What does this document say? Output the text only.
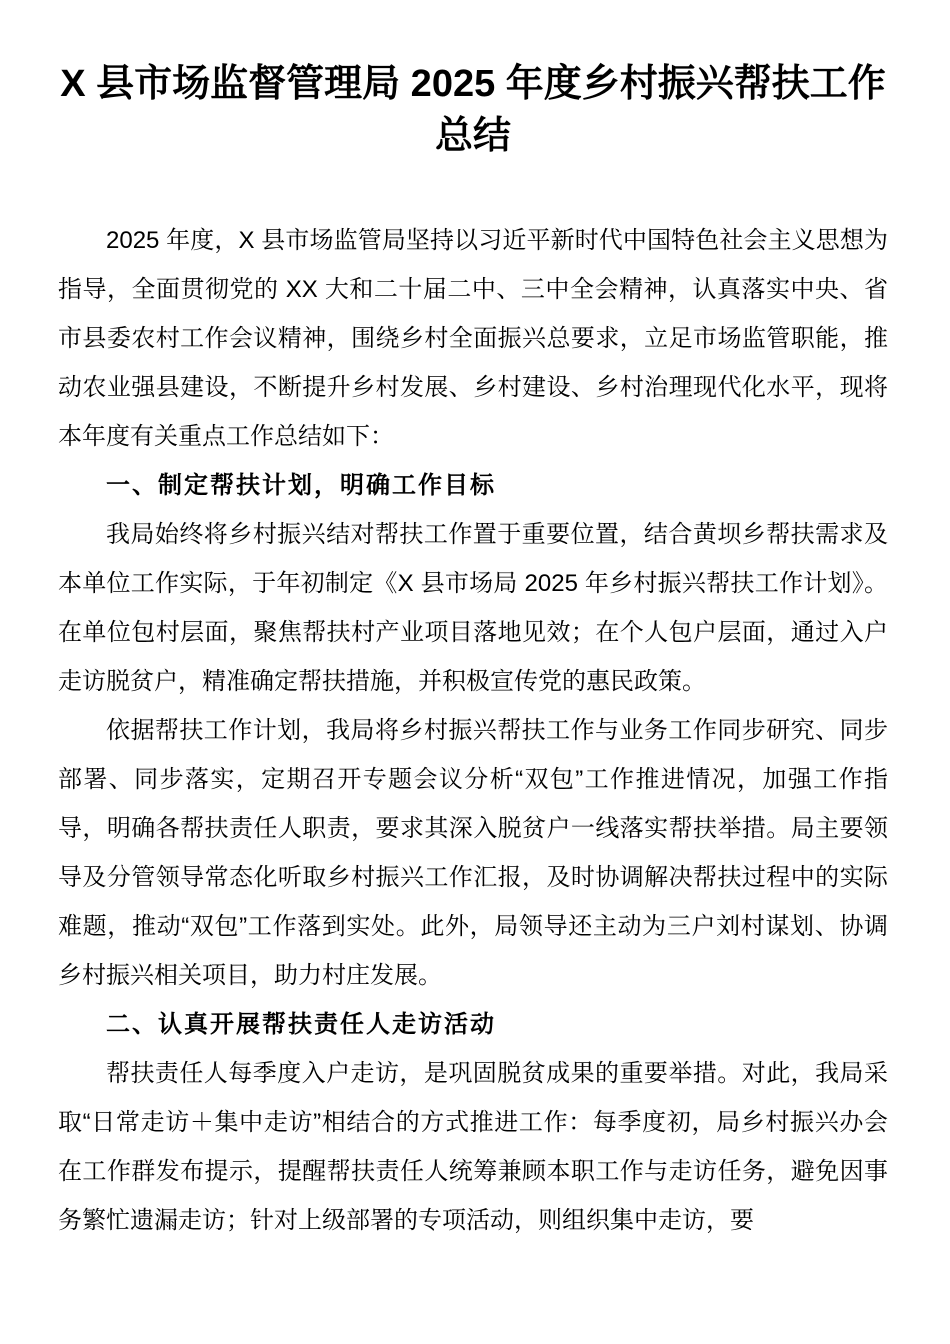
X 县市场监督管理局 2025 年度乡村振兴帮扶工作总结

2025 年度，X 县市场监管局坚持以习近平新时代中国特色社会主义思想为指导，全面贯彻党的 XX 大和二十届二中、三中全会精神，认真落实中央、省市县委农村工作会议精神，围绕乡村全面振兴总要求，立足市场监管职能，推动农业强县建设，不断提升乡村发展、乡村建设、乡村治理现代化水平，现将本年度有关重点工作总结如下：

一、制定帮扶计划，明确工作目标

我局始终将乡村振兴结对帮扶工作置于重要位置，结合黄坝乡帮扶需求及本单位工作实际，于年初制定《X 县市场局 2025 年乡村振兴帮扶工作计划》。在单位包村层面，聚焦帮扶村产业项目落地见效；在个人包户层面，通过入户走访脱贫户，精准确定帮扶措施，并积极宣传党的惠民政策。

依据帮扶工作计划，我局将乡村振兴帮扶工作与业务工作同步研究、同步部署、同步落实，定期召开专题会议分析“双包”工作推进情况，加强工作指导，明确各帮扶责任人职责，要求其深入脱贫户一线落实帮扶举措。局主要领导及分管领导常态化听取乡村振兴工作汇报，及时协调解决帮扶过程中的实际难题，推动“双包”工作落到实处。此外，局领导还主动为三户刘村谋划、协调乡村振兴相关项目，助力村庄发展。

二、认真开展帮扶责任人走访活动

帮扶责任人每季度入户走访，是巩固脱贫成果的重要举措。对此，我局采取“日常走访＋集中走访”相结合的方式推进工作：每季度初，局乡村振兴办会在工作群发布提示，提醒帮扶责任人统筹兼顾本职工作与走访任务，避免因事务繁忙遗漏走访；针对上级部署的专项活动，则组织集中走访，要
